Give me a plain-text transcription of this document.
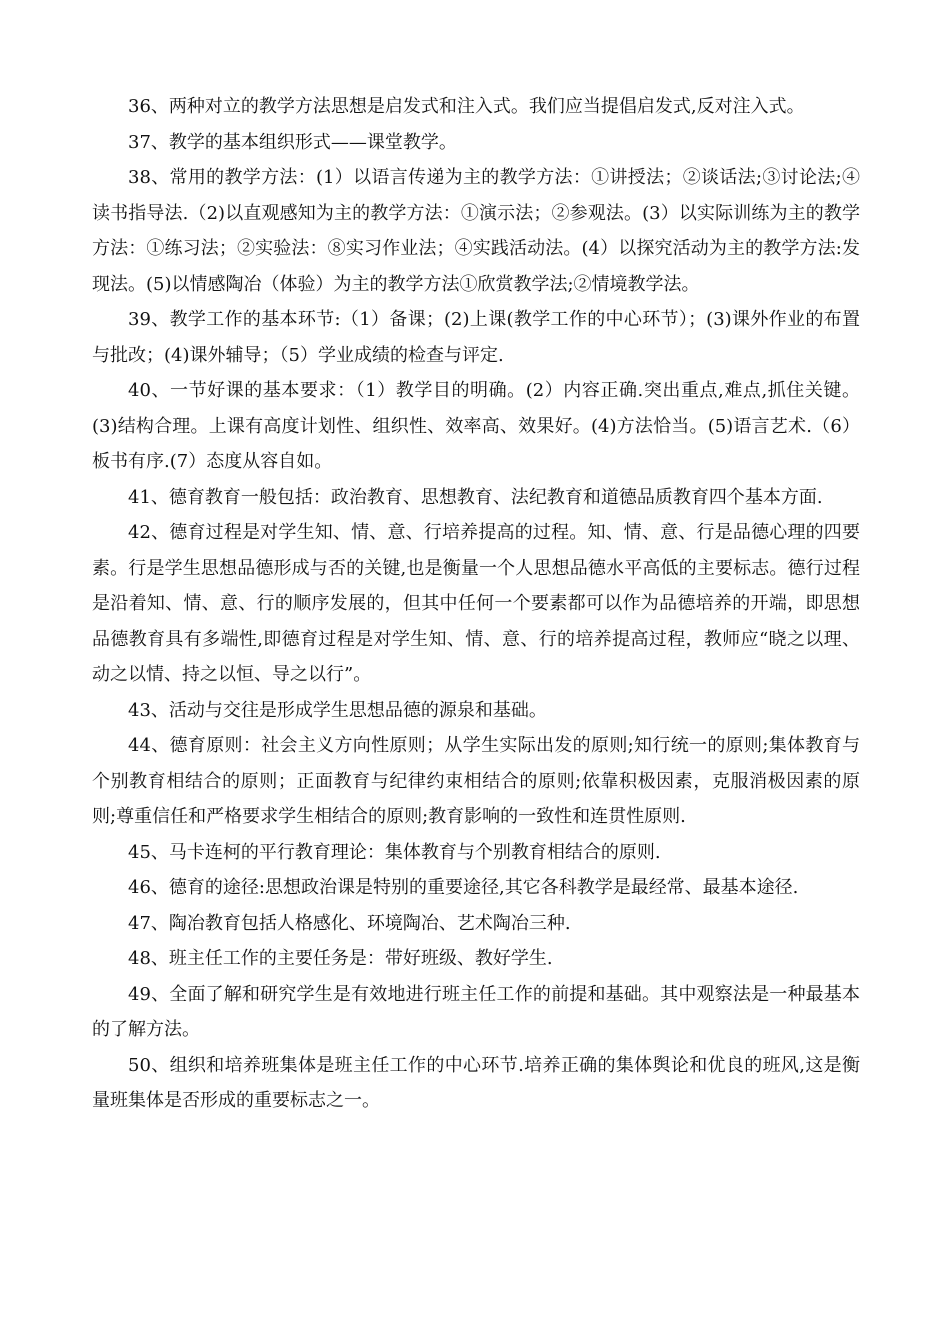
36、两种对立的教学方法思想是启发式和注入式。我们应当提倡启发式,反对注入式。

37、教学的基本组织形式——课堂教学。

38、常用的教学方法：(1）以语言传递为主的教学方法：①讲授法；②谈话法;③讨论法;④读书指导法.（2)以直观感知为主的教学方法：①演示法；②参观法。(3）以实际训练为主的教学方法：①练习法；②实验法：⑧实习作业法；④实践活动法。(4）以探究活动为主的教学方法:发现法。(5)以情感陶冶（体验）为主的教学方法①欣赏教学法;②情境教学法。

39、教学工作的基本环节:（1）备课；(2)上课(教学工作的中心环节）；(3)课外作业的布置与批改；(4)课外辅导；（5）学业成绩的检查与评定.

40、一节好课的基本要求：（1）教学目的明确。(2）内容正确.突出重点,难点,抓住关键。(3)结构合理。上课有高度计划性、组织性、效率高、效果好。(4)方法恰当。(5)语言艺术.（6）板书有序.(7）态度从容自如。

41、德育教育一般包括：政治教育、思想教育、法纪教育和道德品质教育四个基本方面.

42、德育过程是对学生知、情、意、行培养提高的过程。知、情、意、行是品德心理的四要素。行是学生思想品德形成与否的关键,也是衡量一个人思想品德水平高低的主要标志。德行过程是沿着知、情、意、行的顺序发展的，但其中任何一个要素都可以作为品德培养的开端，即思想品德教育具有多端性,即德育过程是对学生知、情、意、行的培养提高过程，教师应“晓之以理、动之以情、持之以恒、导之以行”。

43、活动与交往是形成学生思想品德的源泉和基础。

44、德育原则：社会主义方向性原则；从学生实际出发的原则;知行统一的原则;集体教育与个别教育相结合的原则；正面教育与纪律约束相结合的原则;依靠积极因素，克服消极因素的原则;尊重信任和严格要求学生相结合的原则;教育影响的一致性和连贯性原则.

45、马卡连柯的平行教育理论：集体教育与个别教育相结合的原则.

46、德育的途径:思想政治课是特别的重要途径,其它各科教学是最经常、最基本途径.

47、陶冶教育包括人格感化、环境陶冶、艺术陶冶三种.

48、班主任工作的主要任务是：带好班级、教好学生.

49、全面了解和研究学生是有效地进行班主任工作的前提和基础。其中观察法是一种最基本的了解方法。

50、组织和培养班集体是班主任工作的中心环节.培养正确的集体舆论和优良的班风,这是衡量班集体是否形成的重要标志之一。
